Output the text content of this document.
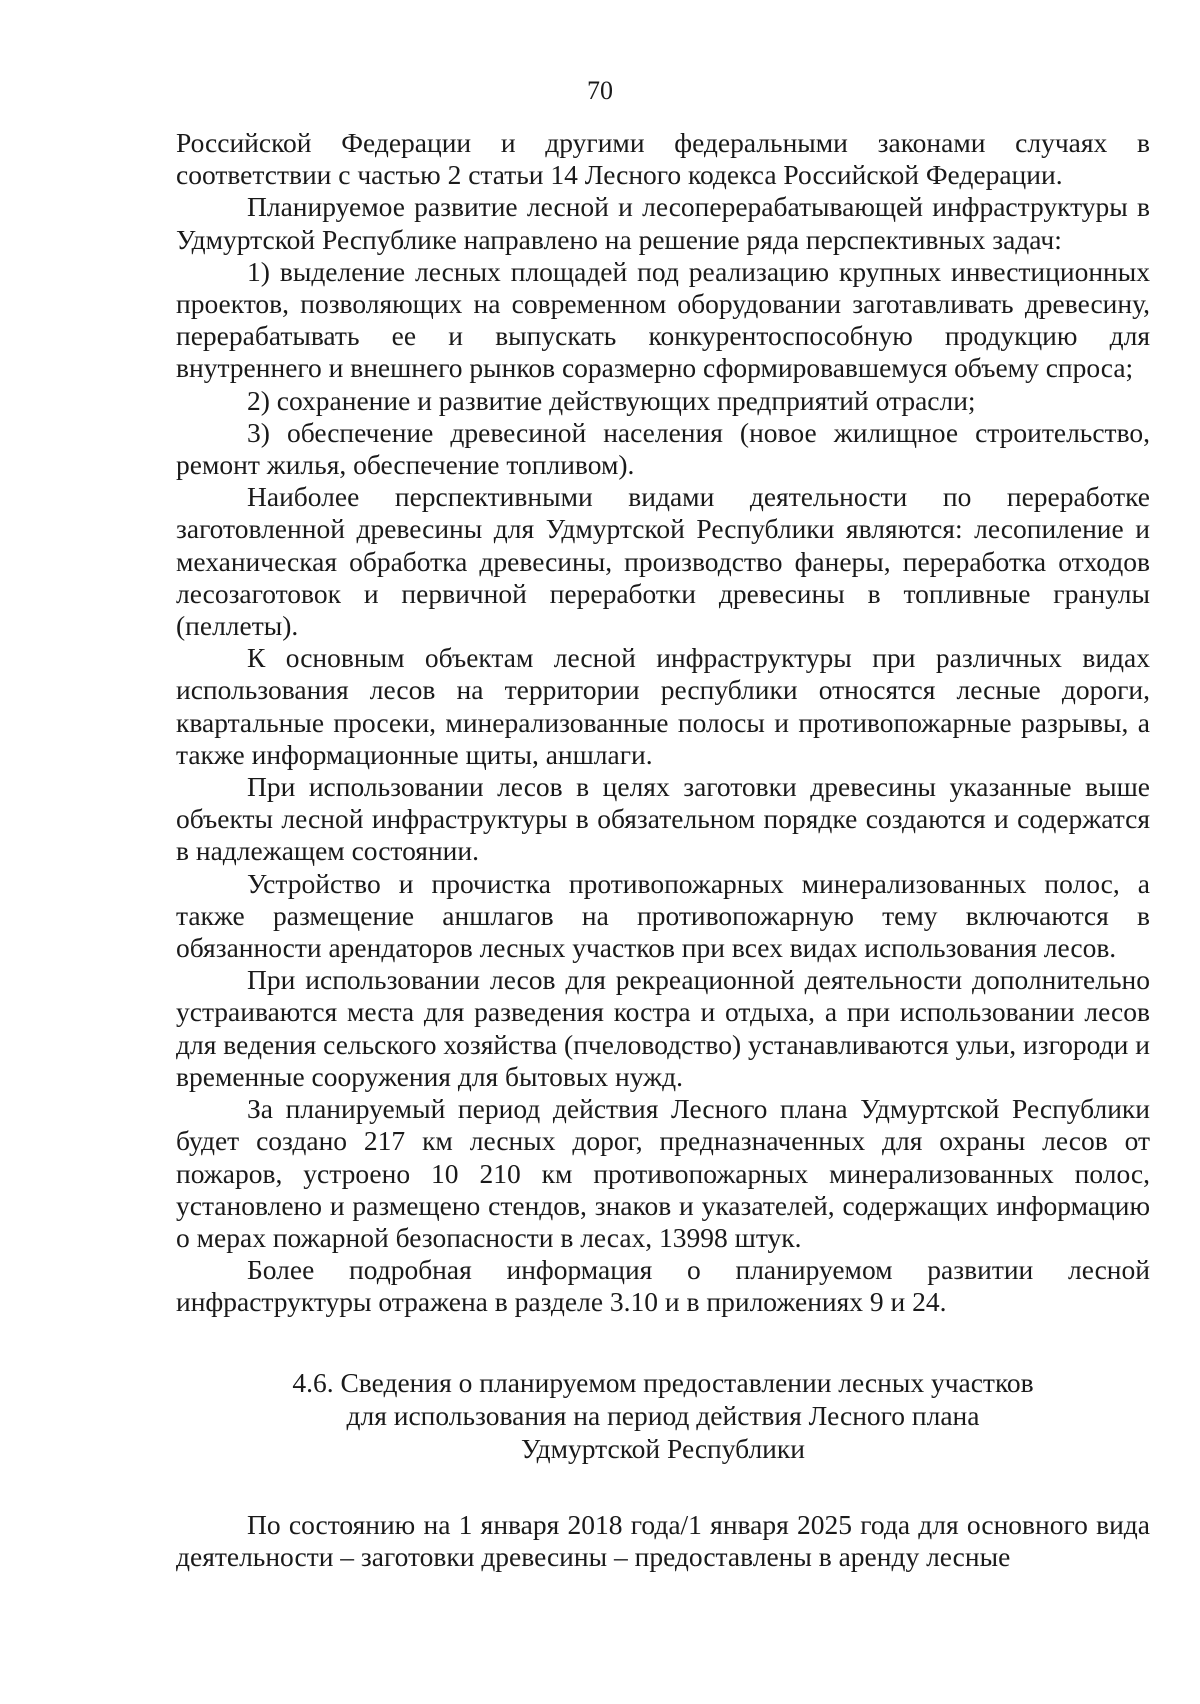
70

Российской Федерации и другими федеральными законами случаях в соответствии с частью 2 статьи 14 Лесного кодекса Российской Федерации.

Планируемое развитие лесной и лесоперерабатывающей инфраструктуры в Удмуртской Республике направлено на решение ряда перспективных задач:

1) выделение лесных площадей под реализацию крупных инвестиционных проектов, позволяющих на современном оборудовании заготавливать древесину, перерабатывать ее и выпускать конкурентоспособную продукцию для внутреннего и внешнего рынков соразмерно сформировавшемуся объему спроса;

2) сохранение и развитие действующих предприятий отрасли;

3) обеспечение древесиной населения (новое жилищное строительство, ремонт жилья, обеспечение топливом).

Наиболее перспективными видами деятельности по переработке заготовленной древесины для Удмуртской Республики являются: лесопиление и механическая обработка древесины, производство фанеры, переработка отходов лесозаготовок и первичной переработки древесины в топливные гранулы (пеллеты).

К основным объектам лесной инфраструктуры при различных видах использования лесов на территории республики относятся лесные дороги, квартальные просеки, минерализованные полосы и противопожарные разрывы, а также информационные щиты, аншлаги.

При использовании лесов в целях заготовки древесины указанные выше объекты лесной инфраструктуры в обязательном порядке создаются и содержатся в надлежащем состоянии.

Устройство и прочистка противопожарных минерализованных полос, а также размещение аншлагов на противопожарную тему включаются в обязанности арендаторов лесных участков при всех видах использования лесов.

При использовании лесов для рекреационной деятельности дополнительно устраиваются места для разведения костра и отдыха, а при использовании лесов для ведения сельского хозяйства (пчеловодство) устанавливаются ульи, изгороди и временные сооружения для бытовых нужд.

За планируемый период действия Лесного плана Удмуртской Республики будет создано 217 км лесных дорог, предназначенных для охраны лесов от пожаров, устроено 10 210 км противопожарных минерализованных полос, установлено и размещено стендов, знаков и указателей, содержащих информацию о мерах пожарной безопасности в лесах, 13998 штук.

Более подробная информация о планируемом развитии лесной инфраструктуры отражена в разделе 3.10 и в приложениях 9 и 24.

4.6. Сведения о планируемом предоставлении лесных участков
для использования на период действия Лесного плана
Удмуртской Республики

По состоянию на 1 января 2018 года/1 января 2025 года для основного вида деятельности – заготовки древесины – предоставлены в аренду лесные
